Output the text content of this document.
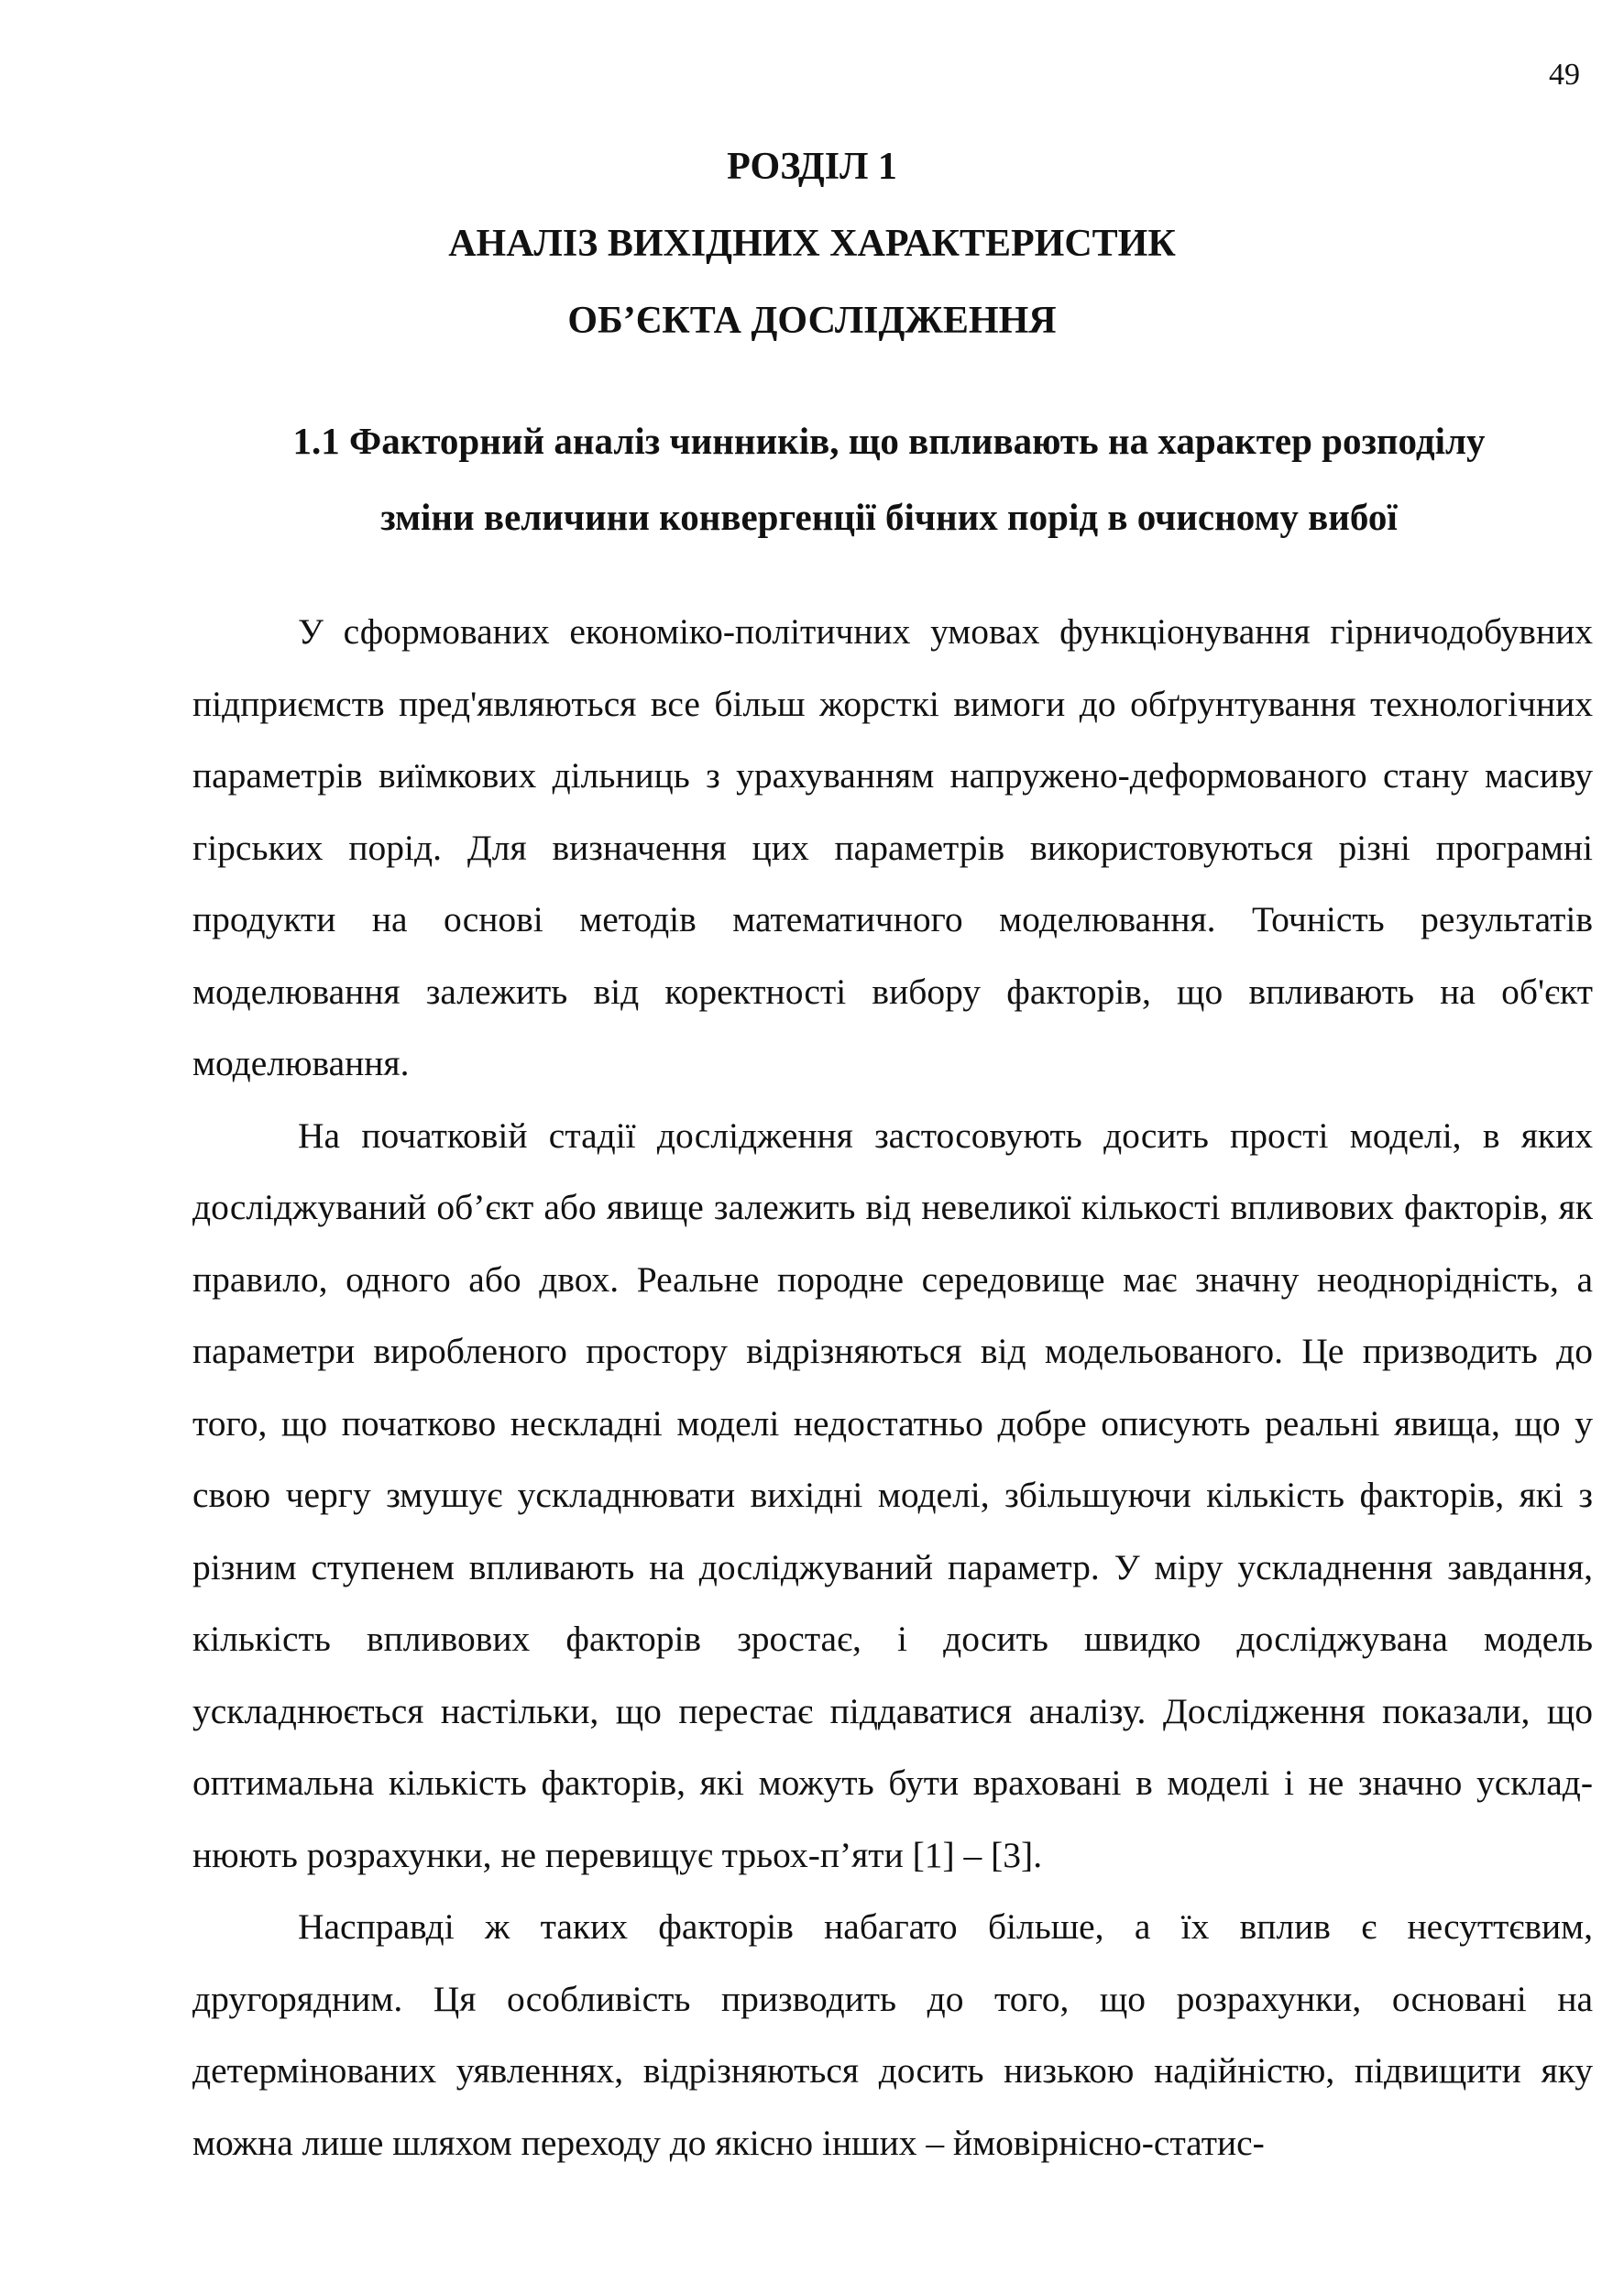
49
РОЗДІЛ 1
АНАЛІЗ ВИХІДНИХ ХАРАКТЕРИСТИК
ОБ’ЄКТА ДОСЛІДЖЕННЯ
1.1 Факторний аналіз чинників, що впливають на характер розподілу
зміни величини конвергенції бічних порід в очисному вибої

У сформованих економіко-політичних умовах функціонування гірничодобувних підприємств пред'являються все більш жорсткі вимоги до обґрунтування технологічних параметрів виїмкових дільниць з урахуванням напружено-деформованого стану масиву гірських порід. Для визначення цих параметрів використовуються різні програмні продукти на основі методів математичного моделювання. Точність результатів моделювання залежить від коректності вибору факторів, що впливають на об'єкт моделювання.

На початковій стадії дослідження застосовують досить прості моделі, в яких досліджуваний об’єкт або явище залежить від невеликої кількості впливових факторів, як правило, одного або двох. Реальне породне середовище має значну неоднорідність, а параметри виробленого простору відрізняються від модельованого. Це призводить до того, що початково нескладні моделі недостатньо добре описують реальні явища, що у свою чергу змушує ускладнювати вихідні моделі, збільшуючи кількість факторів, які з різним ступенем впливають на досліджуваний параметр. У міру ускладнення завдання, кількість впливових факторів зростає, і досить швидко досліджувана модель ускладнюється настільки, що перестає піддаватися аналізу. Дослідження показали, що оптимальна кількість факторів, які можуть бути враховані в моделі і не значно ускладнюють розрахунки, не перевищує трьох-п’яти [1] – [3].

Насправді ж таких факторів набагато більше, а їх вплив є несуттєвим, другорядним. Ця особливість призводить до того, що розрахунки, основані на детермінованих уявленнях, відрізняються досить низькою надійністю, підвищити яку можна лише шляхом переходу до якісно інших – ймовірнісно-статис-
